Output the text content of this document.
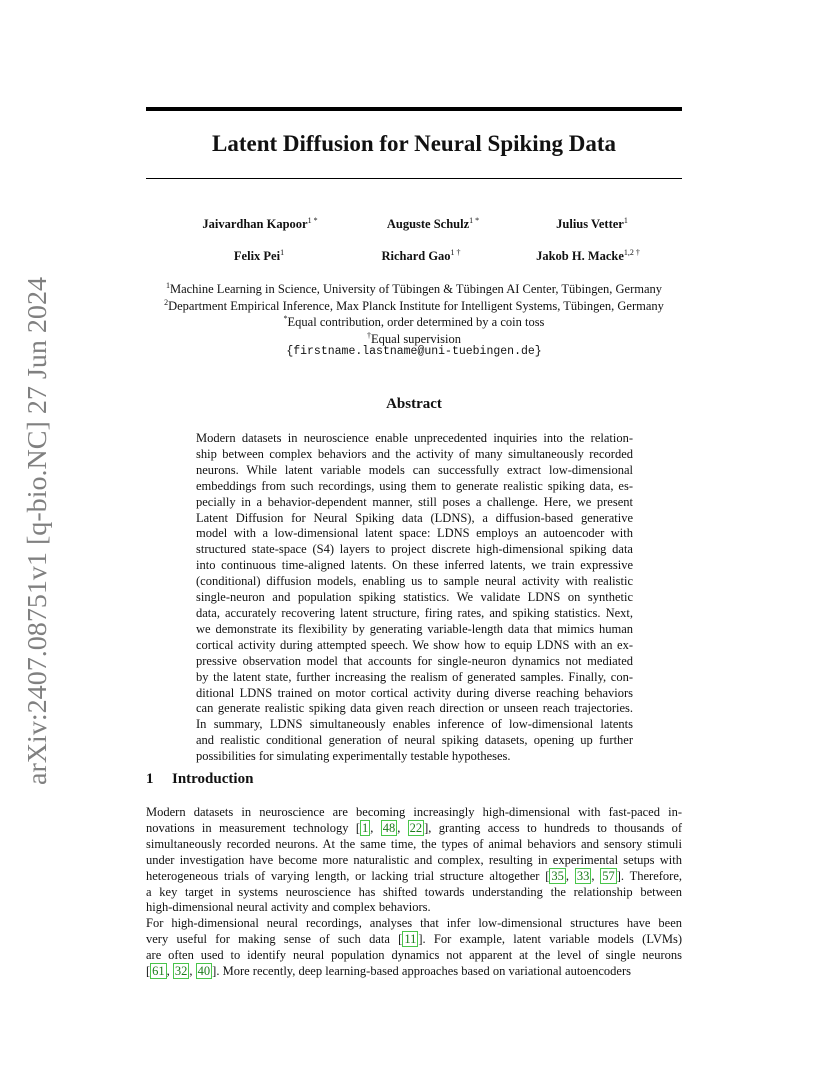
arXiv:2407.08751v1 [q-bio.NC] 27 Jun 2024
Latent Diffusion for Neural Spiking Data
Jaivardhan Kapoor$^{1 *}$	Auguste Schulz$^{1 *}$	Julius Vetter$^1$
Felix Pei$^1$	Richard Gao$^{1 \dagger}$	Jakob H. Macke$^{1,2 \dagger}$
$^1$Machine Learning in Science, University of Tübingen & Tübingen AI Center, Tübingen, Germany
$^2$Department Empirical Inference, Max Planck Institute for Intelligent Systems, Tübingen, Germany
*Equal contribution, order determined by a coin toss
†Equal supervision
{firstname.lastname@uni-tuebingen.de}
Abstract
Modern datasets in neuroscience enable unprecedented inquiries into the relation-
ship between complex behaviors and the activity of many simultaneously recorded
neurons. While latent variable models can successfully extract low-dimensional
embeddings from such recordings, using them to generate realistic spiking data, es-
pecially in a behavior-dependent manner, still poses a challenge. Here, we present
Latent Diffusion for Neural Spiking data (LDNS), a diffusion-based generative
model with a low-dimensional latent space: LDNS employs an autoencoder with
structured state-space (S4) layers to project discrete high-dimensional spiking data
into continuous time-aligned latents. On these inferred latents, we train expressive
(conditional) diffusion models, enabling us to sample neural activity with realistic
single-neuron and population spiking statistics. We validate LDNS on synthetic
data, accurately recovering latent structure, firing rates, and spiking statistics. Next,
we demonstrate its flexibility by generating variable-length data that mimics human
cortical activity during attempted speech. We show how to equip LDNS with an ex-
pressive observation model that accounts for single-neuron dynamics not mediated
by the latent state, further increasing the realism of generated samples. Finally, con-
ditional LDNS trained on motor cortical activity during diverse reaching behaviors
can generate realistic spiking data given reach direction or unseen reach trajectories.
In summary, LDNS simultaneously enables inference of low-dimensional latents
and realistic conditional generation of neural spiking datasets, opening up further
possibilities for simulating experimentally testable hypotheses.
1 Introduction
Modern datasets in neuroscience are becoming increasingly high-dimensional with fast-paced in-
novations in measurement technology [ 1 , 48 , 22 ], granting access to hundreds to thousands of
simultaneously recorded neurons. At the same time, the types of animal behaviors and sensory stimuli
under investigation have become more naturalistic and complex, resulting in experimental setups with
heterogeneous trials of varying length, or lacking trial structure altogether [ 35 , 33 , 57 ]. Therefore,
a key target in systems neuroscience has shifted towards understanding the relationship between
high-dimensional neural activity and complex behaviors.
For high-dimensional neural recordings, analyses that infer low-dimensional structures have been
very useful for making sense of such data [ 11 ]. For example, latent variable models (LVMs)
are often used to identify neural population dynamics not apparent at the level of single neurons
[ 61 , 32 , 40 ]. More recently, deep learning-based approaches based on variational autoencoders
